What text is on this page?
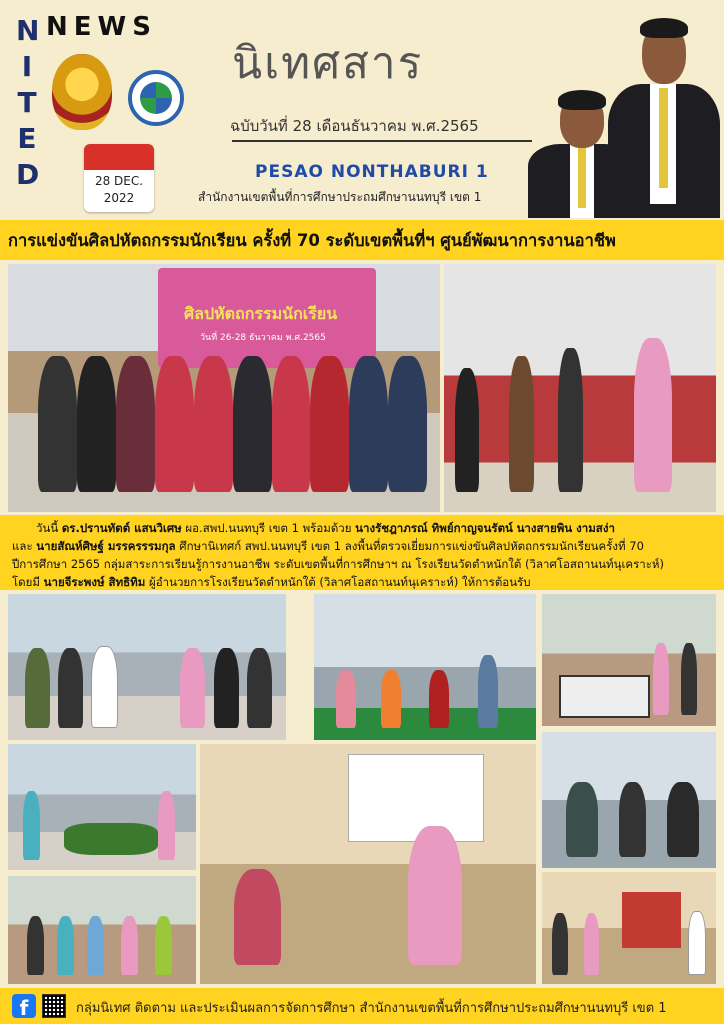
NEWS
N
I
T
E
D	28 DEC.
2022
นิเทศสาร
ฉบับวันที่ 28 เดือนธันวาคม พ.ศ.2565
PESAO NONTHABURI 1
สำนักงานเขตพื้นที่การศึกษาประถมศึกษานนทบุรี เขต 1
การแข่งขันศิลปหัตถกรรมนักเรียน ครั้งที่ 70 ระดับเขตพื้นที่ฯ ศูนย์พัฒนาการงานอาชีพ
ศิลปหัตถกรรมนักเรียน
วันที่ 26-28 ธันวาคม พ.ศ.2565
วันนี้ ดร.ปรานทัตต์ แสนวิเศษ ผอ.สพป.นนทบุรี เขต 1 พร้อมด้วย นางรัชฎาภรณ์ ทิพย์กาญจนรัตน์ นางสายพิน งามสง่า
และ นายสัณห์ศิษฐ์ มรรครรรมกุล ศึกษานิเทศก์ สพป.นนทบุรี เขต 1 ลงพื้นที่ตรวจเยี่ยมการแข่งขันศิลปหัตถกรรมนักเรียนครั้งที่ 70
ปีการศึกษา 2565 กลุ่มสาระการเรียนรู้การงานอาชีพ ระดับเขตพื้นที่การศึกษาฯ ณ โรงเรียนวัดตำหนักใต้ (วิลาศโอสถานนท์นุเคราะห์)
โดยมี นายจีระพงษ์ สิทธิทิม ผู้อำนวยการโรงเรียนวัดตำหนักใต้ (วิลาศโอสถานนท์นุเคราะห์) ให้การต้อนรับ
f	กลุ่มนิเทศ ติดตาม และประเมินผลการจัดการศึกษา สำนักงานเขตพื้นที่การศึกษาประถมศึกษานนทบุรี เขต 1
